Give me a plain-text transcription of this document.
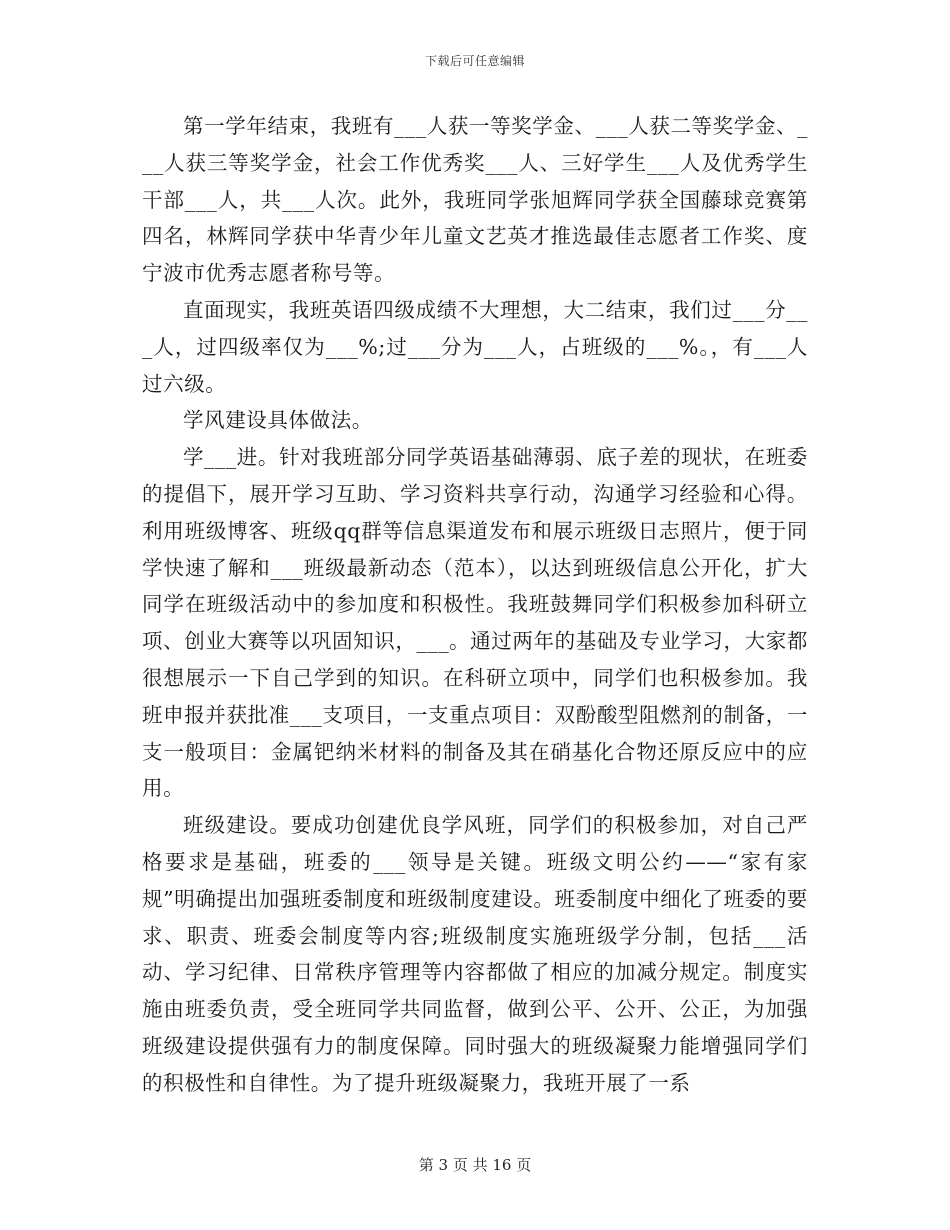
下载后可任意编辑

第一学年结束，我班有___人获一等奖学金、___人获二等奖学金、___人获三等奖学金，社会工作优秀奖___人、三好学生___人及优秀学生干部___人，共___人次。此外，我班同学张旭辉同学获全国藤球竞赛第四名，林辉同学获中华青少年儿童文艺英才推选最佳志愿者工作奖、度宁波市优秀志愿者称号等。

直面现实，我班英语四级成绩不大理想，大二结束，我们过___分___人，过四级率仅为___%;过___分为___人，占班级的___%。，有___人过六级。

学风建设具体做法。

学___进。针对我班部分同学英语基础薄弱、底子差的现状，在班委的提倡下，展开学习互助、学习资料共享行动，沟通学习经验和心得。利用班级博客、班级qq群等信息渠道发布和展示班级日志照片，便于同学快速了解和___班级最新动态（范本），以达到班级信息公开化，扩大同学在班级活动中的参加度和积极性。我班鼓舞同学们积极参加科研立项、创业大赛等以巩固知识，___。通过两年的基础及专业学习，大家都很想展示一下自己学到的知识。在科研立项中，同学们也积极参加。我班申报并获批准___支项目，一支重点项目：双酚酸型阻燃剂的制备，一支一般项目：金属钯纳米材料的制备及其在硝基化合物还原反应中的应用。

班级建设。要成功创建优良学风班，同学们的积极参加，对自己严格要求是基础，班委的___领导是关键。班级文明公约——“家有家规”明确提出加强班委制度和班级制度建设。班委制度中细化了班委的要求、职责、班委会制度等内容;班级制度实施班级学分制，包括___活动、学习纪律、日常秩序管理等内容都做了相应的加减分规定。制度实施由班委负责，受全班同学共同监督，做到公平、公开、公正，为加强班级建设提供强有力的制度保障。同时强大的班级凝聚力能增强同学们的积极性和自律性。为了提升班级凝聚力，我班开展了一系

第 3 页 共 16 页
